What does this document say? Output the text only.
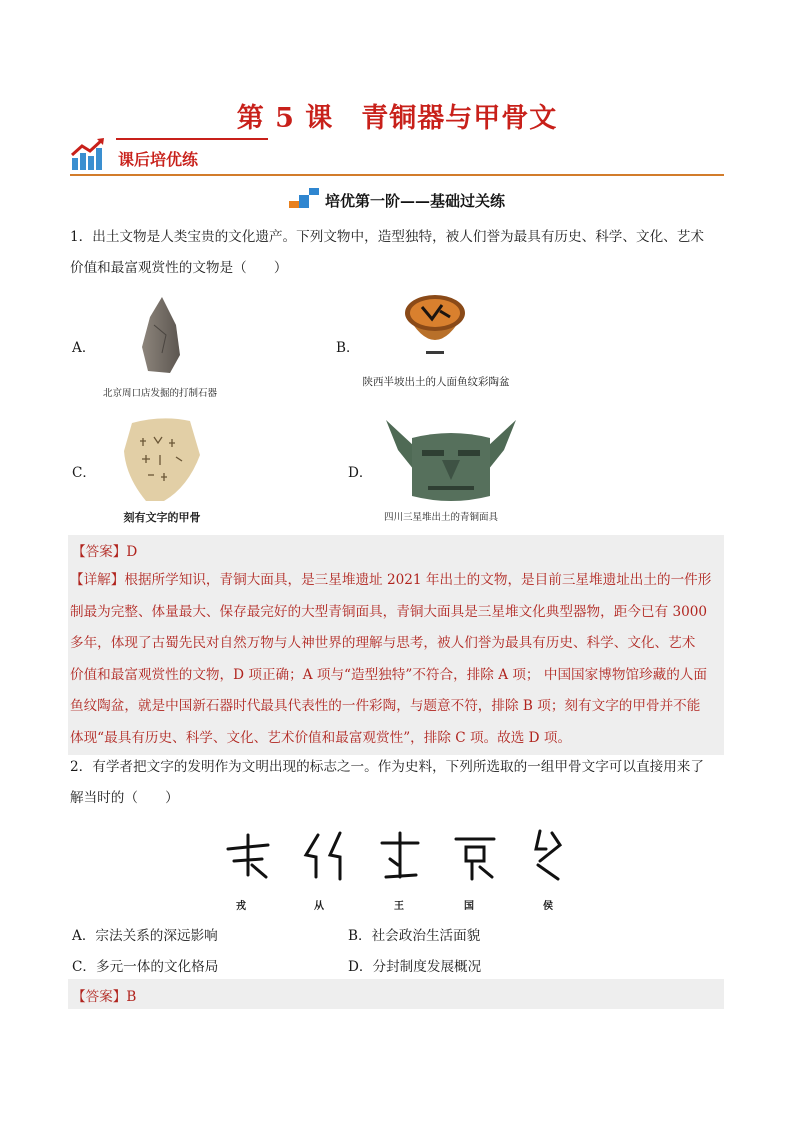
第 5 课 青铜器与甲骨文
课后培优练
培优第一阶——基础过关练
1．出土文物是人类宝贵的文化遗产。下列文物中，造型独特，被人们誉为最具有历史、科学、文化、艺术
价值和最富观赏性的文物是（　　）
A．
北京周口店发掘的打制石器
B．
陕西半坡出土的人面鱼纹彩陶盆
C．
刻有文字的甲骨
D．
四川三星堆出土的青铜面具
【答案】D
【详解】根据所学知识，青铜大面具，是三星堆遗址 2021 年出土的文物，是目前三星堆遗址出土的一件形
制最为完整、体量最大、保存最完好的大型青铜面具，青铜大面具是三星堆文化典型器物，距今已有 3000
多年，体现了古蜀先民对自然万物与人神世界的理解与思考，被人们誉为最具有历史、科学、文化、艺术
价值和最富观赏性的文物，D 项正确；A 项与“造型独特”不符合，排除 A 项； 中国国家博物馆珍藏的人面
鱼纹陶盆，就是中国新石器时代最具代表性的一件彩陶，与题意不符，排除 B 项；刻有文字的甲骨并不能
体现“最具有历史、科学、文化、艺术价值和最富观赏性”，排除 C 项。故选 D 项。
2．有学者把文字的发明作为文明出现的标志之一。作为史料，下列所选取的一组甲骨文字可以直接用来了
解当时的（　　）
戎	从	王	国	侯
A．宗法关系的深远影响	B．社会政治生活面貌
C．多元一体的文化格局	D．分封制度发展概况
【答案】B
